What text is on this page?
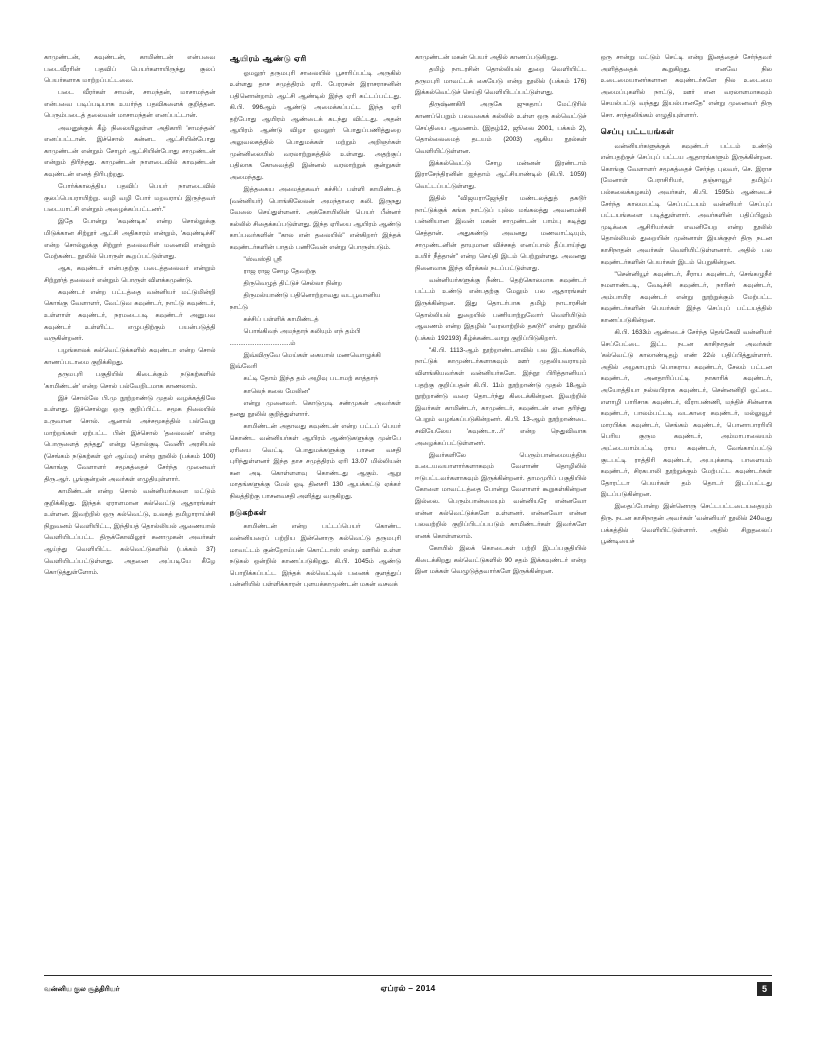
காமுண்டன், கவுண்டன், காமிண்டன் என்பவை படைவீரரின் பதவிப் பெயர்களாயிருந்து குலப் பெயர்களாக மாற்றப்பட்டவை.

படை வீரர்கள் சாமன், சாமந்தன், மாசாமந்தன் என்பவை படிப்படியாக உயர்ந்த பதவிகளைக் குறித்தன. பெரும்படைத் தலைவன் மாசாமந்தன் எனப்பட்டான்.

அவனுக்குக் கீழ் நிலையிலுள்ள அதிகாரி 'சாமந்தன்' எனப்பட்டான். இச்சொல் கன்னட ஆட்சியின்போது காமுண்டன் என்றும் சோழர் ஆட்சியின்போது சாமுண்டன் என்றும் திரிந்தது. காமுண்டன் நாளடைவில் காவுண்டன் கவுண்டன் எனத் திரிபுற்றது.

போர்க்காலத்திய பதவிப் பெயர் நாளடைவில் குலப்பெயராயிற்று. வழி வழி போர் மறவராய் இருந்தவர் படையாட்சி என்றும் அழைக்கப்பட்டனர்."

இதே போன்று 'கவுண்டிக' என்ற சொல்லுக்கு மிடுக்கான சிற்றூர் ஆட்சி அதிகாரம் என்றும், 'கவுண்டிச்சி' என்ற சொல்லுக்கு சிற்றூர் தலைவரின் மனைவி என்றும் மேற்கண்ட நூலில் பொருள் கூறப்பட்டுள்ளது.

ஆக, கவுண்டர் என்பதற்கு படைத்தலைவர் என்றும் சிற்றூர்த் தலைவர் என்றும் பொருள் விளக்கமுண்டு.

கவுண்டர் என்ற பட்டத்தை வன்னியர் மட்டுமின்றி கொங்கு வேளாளர், வேட்டுவ கவுண்டர், நாட்டு கவுண்டர், உள்ளாள் கவுண்டர், நரமடைபடி கவுண்டர் அனுபவ கவுண்டர் உள்ளிட்ட எழுபதிற்கும் பயன்படுத்தி வருகின்றனர்.

பழங்காலக் கல்வெட்டுக்களில் கவுண்டா என்ற சொல் காணப்படாமை குறிக்கிறது.

தருமபுரி பகுதியில் கிடைக்கும் நடுகற்களில் 'காமிண்டன்' என்ற சொல் பல்வேறிடமாக காணலாம்.

இச் சொல்லே பி.மு நூற்றாண்டு முதல் வழக்கத்திலே உள்ளது. இச்சொல்லு ஒரு குறிப்பிட்ட சமூக நிலையில் உருவான சொல். ஆனால் அச்சமூகத்தில் பல்வேறு மாற்றங்கள் ஏற்பட்ட பின் இச்சொல் 'தலைவன்' என்ற பொருளைத் தந்தது" என்று தொல்குடி வேனீர் அரசியல் (செங்கம் நடுகற்கள் ஓர் ஆய்வு) என்ற நூலில் (பக்கம் 100) கொங்கு வேளாளர் சமூகத்தைச் சேர்ந்த முனைவர் திரு.ஆர். பூங்குன்றன் அவர்கள் எழுதியுள்ளார்.

காமிண்டன் என்ற சொல் வன்னியர்களை மட்டும் குறிக்கிறது. இந்தக் ஏராளமான கல்வெட்டு ஆதாரங்கள் உள்ளன. இவற்றில் ஒரு கல்வெட்டு, உலகத் தமிழாராய்ச்சி நிறுவனம் வெளியிட்ட, இந்தியத் தொல்லியல் ஆணையால் வெளியிடப்பட்ட திருக்கோவிலூர் சுனாமுகன் அவர்கள் ஆய்ந்து வெளியிட்ட கல்வெட்டுகளில் (பக்கம் 37) வெளியிடப்பட்டுள்ளது. அதனை அப்படியே கீழே கொடுத்துள்ளோம்.

ஆயிரம் ஆண்டு ஏரி

ஓமலூர் தருமபுரி சாலையில் பூசாரிப்பட்டி அருகில் உள்ளது தாச சமுத்திரம் ஏரி. பேரரசன் இராசராசனின் பதினொன்றாம் ஆட்சி ஆண்டில் இந்த ஏரி கட்டப்பட்டது. கி.பி. 996ஆம் ஆண்டு அமைக்கப்பட்ட இந்த ஏரி தற்போது ஆயிரம் ஆண்டைக் கடந்து விட்டது. அதன் ஆயிரம் ஆண்டு விழா ஓமலூர் பொதுப்பணித்துறை அலுவலகத்தில் பொதுமக்கள் மற்றும் அறிஞர்கள் முன்னிலையில் வரலாற்றுகத்தில் உள்ளது. அதற்குப் பதிலாக கோவைத்தி இன்னல் வரலாற்றுக் குன்றுகள் அமைந்தது.

இத்தகைய அமைத்தகவர் கச்சிப் பள்ளி காமிண்டத் (வன்னியர்) பொங்கிலேலன் அமந்தாரை கலி. இருநது வேலை செய்துள்ளனர். அக்கோயிலின் பெயர் பீன்னர் கல்லில் சிதைக்கப்படுள்ளது. இந்த ஏரியை ஆயிரம் ஆண்டு காப்பவர்களின் "கால என் தலையில்" என்கிறார் இந்தக் கவுண்டர்களின் பாதம் பணிவேன் என்று பொருள்படும்.

"ஸ்வஸ்தி ஸ்ரீ

ராஜ ராஜ சோழ தேவற்கு

திருவெழுத் திட்டுச் செல்லா நின்ற

திருமல்யாண்டு பதினொற்றாவது வடபூவானிய நாட்டு

கச்சிப் பள்ளிக் காமிண்டத்

பொங்கிவந் அமந்தாந் கலியும் எந் தம்பி ..................................ம்

இவ்விருவே மெய்கள் கையால் மணவொழுக்கி இவ்வேரி

கட்டி தோம் இந்த தம் அழிவு படாமற் காத்தாந்

காலெந் கலை மேலின"

என்று முனைவர். கொடுமுடி சண்முகன் அவர்கள் தனது நூலில் குறித்துள்ளார்.

காமிண்டன் அதாவது கவுண்டன் என்ற பட்டப் பெயர் கொண்ட வன்னியர்கள் ஆயிரம் ஆண்டுகளுக்கு முன்பே ஏரியை வெட்டி பொதுமக்களுக்கு பாசன வசதி புரிந்துள்ளனர் இந்த தாச சமுத்திரம் ஏரி 13.07 மில்லியன் கன அடி கொள்ளளவு கொண்டது ஆகும். ஆறு மாதங்களுக்கு மேல் ஓடி தினசரி 130 ஆயக்கட்டு ஏக்கர் நிலத்திற்கு பாசனவசதி அளித்து வருகிறது.

நடுகற்கள்

காமிண்டன் என்ற பட்டப்பெயர் கொண்ட வன்னியரைப் பற்றிய இன்னொரு கல்வெட்டு தருமபுரி மாவட்டம் குன்றோய்பன் கொட்டாஸ் என்ற ஊரில் உள்ள நடுகல் ஒன்றில் காணப்படுகிறது. கி.பி. 1045ம் ஆண்டு பொறிக்கப்பட்ட இந்தக் கல்வெட்டில் பனைக் குளத்துப் பன்னியில் பள்ளிக்காரன் புளயக்காமுண்டன் மகன் வசவக்

காமுண்டன் மகன் பெயர் அதில் காணப்படுகிறது.

தமிழ் நாடரசின் தொல்லியல் துறை வெளியிட்ட தருமபுரி மாவட்டக் கையேடு என்ற நூலில் (பக்கம் 176) இக்கல்வெட்டுச் செய்தி வெளியிடப்பட்டுள்ளது.

திருஷ்ணகிரி அருகே ஜுகதாப் மேட்டூரில் காணப்பெறும் பலவகைக் கல்லில் உள்ள ஒரு கல்வெட்டுச் செய்தியை ஆவணம். (இதழ்12, ஜூலை 2001, பக்கம் 2), தொல்லைமைத் தடயம் (2003) ஆகிய நூல்கள் வெளியிட்டுள்ளன.

இக்கல்வெட்டு சோழ மன்னன் இரண்டாம் இராசேந்திரனின் ஐந்தாம் ஆட்சியாண்டில் (கி.பி. 1059) வெட்டப்பட்டுள்ளது.

இதில் "விஜயராஜேந்திர மண்டலத்துத் தகடூர் நாட்டுக்குக் கங்க நாட்டுப் புல்ல மங்கலத்து அவனமச்சி பன்னியான இவன் மகன் சாமுண்டன் பாம்பு கடித்து செத்தான். அதுகண்டு அவனது மணவாட்டியும், சாமுண்டனின் தாயுமான விச்சகத் எனப்பால் தீப்பாய்ந்து உயிர் நீத்தான்" என்ற செய்தி இடம் பெற்றுள்ளது. அவனது நினைவாக இந்த வீரக்கல் நடப்பட்டுள்ளது.

வன்னியர்களுக்கு நீண்ட தெற்கொலமாக கவுண்டர் பட்டம் உண்டு என்பதற்கு மேலும் பல ஆதாரங்கள் இருக்கின்றன. இது தொடர்பாக தமிழ் நாடாரசின் தொல்லியல் துறையில் பணியாற்றுவோர் வெளியிடும் ஆவணம் என்ற இதழில் "வரலாற்றில் தகடூர்" என்ற நூலில் (பக்கம் 192193) கீழ்க்கண்டவாறு குறிப்பிடுகிறார்.

"கி.பி. 1113-ஆம் நூற்றாண்டளவில் பல இடங்களில், நாட்டுக் காமுண்டர்களாகவும் ஊர் முதலியவராயும் விளங்கியவர்கள் வன்னியர்களே. இந்நூ பிரித்தானியப் பதற்கு குறிப்பதன் கி.பி. 11ம் நூற்றாண்டு முதல் 18ஆம் நூற்றாண்டு வரை தொடர்ந்து கிடைக்கின்றன. இவற்றில் இவர்கள் காமிண்டர், காமுண்டர், கவுண்டன் என தரிந்து பெறும் வழங்கப்படுகின்றனர். கி.பி. 13-ஆம் நூற்றாண்டை சவியேலேய 'கவுண்டா...ர்' என்ற நெதுவிவாக அழைக்கப்பட்டுள்ளனர்.

இவர்களிலே பெரும்பான்மையத்திய உடையவயாளார்களாகவும் வேளாண் தொழிலில் ஈடுபட்டவர்களாகவும் இருக்கின்றனர். தாமமுரிப் பகுதியில் கோளை மாவட்டத்தை போன்று வேளாளர் கூறுகள்கின்றன இல்லை. பெரும்பான்மையும் வன்னியரே என்னவோ என்ன கல்வெட்டுக்களே உள்ளனர். என்னவோ என்ன பலவற்றில் குறிப்பிடப்பபடும் காமிண்டர்கள் இவர்களே எனக் கொள்ளலாம்.

கோயில் இலக் கொடைகள் பற்றி இடப்பகுதியில் கிடைக்கிறது கல்வெட்டுகளில் 90 சதம் இக்கவுண்டர் என்ற இன மக்கள் வெழுடுத்தவார்களே இருக்கின்றன.

ஒரு சான்று மட்டும் செட்டி என்ற இனத்தைச் சேர்ந்தவர் அளித்ததைக் கூறுகிறது. எனவே நில உடைமையானர்களான கவுண்டர்களே நில உடைமை அமைப்புகளில் நாட்டு, ஊர் என வரலாளமாகவும் செயல்பட்டு வந்தது இயல்பானதே" என்று முனைவர் திரு சொ. சாந்தலிங்கம் எழுதியுள்ளார்.

செப்பு பட்டயங்கள்

வன்னியர்களுக்குக் கவுண்டர் பட்டம் உண்டு என்பதற்குச் செப்புப் பட்டய ஆதாரங்களும் இருக்கின்றன. கொங்கு வேளாளர் சமூகத்தைச் சேர்ந்த புலவர், செ. இராச (மேனாள் பேராசிரியர், தஞ்சாவூர் தமிழ்ப் பல்கலைக்கழகம்) அவர்கள், கி.பி. 1595ம் ஆண்டைச் சேர்ந்த காலமபட்டி செப்பட்டயம் வன்னியர் செப்புப் பட்டயங்களை படித்துள்ளார். அவர்களின் பதிப்பிலும் முடிக்கை ஆசிரியர்கள் எவனியேற என்ற நூலில் தொல்லியல் துறையின் முன்னாள் இயக்குநர் திரு நடன காசிநாதன் அவர்கள் வெளியிட்டுள்ளனார். அதில் பல கவுண்டர்களின் பெயர்கள் இடம் பெறுகின்றன.

"சென்னியூர் கவுண்டர், சீராய கவுண்டர், செங்கழுநீர் நமளாண்டடி, வேடிச்சி கவுண்டர், நாரிசர் கவுண்டர், அம்பாயிர கவுண்டர் என்று நூற்றுக்கும் மேற்பட்ட கவுண்டர்களின் பெயர்கள் இந்த செப்புப் பட்டயத்தில் காணப்படுகின்றன.

கி.பி. 1633ம் ஆண்டைச் சேர்ந்த தெங்கேவி வன்னியர் செப்பேட்டை இட்ட நடன காசிநாதன் அவர்கள் 'கல்வெட்டு காலாண்டிதழ் எண் 22ல் பதிப்பித்துள்ளார். அதில் அழகாபுரம் பொகராய கவுண்டர், சேலம் பட்டன கவுண்டர், அனதாரிப்பட்டி நாகாரிக் கவுண்டர், அயோத்தியா நல்லபிராக கவுண்டர், சென்னனிறி ஓட்டை எளாழி பாரிசாக கவுண்டர், வீராபண்ணி, மந்திச் சின்னாக கவுண்டர், பாலம்பட்டடி வடகாரை கவுண்டர், மல்லுவூர் மாரபிக்க கவுண்டர், செங்கம் கவுண்டர், பொனாபாரரியி பெரிய குரும கவுண்டர், அம்மாபாலையம் அட்டையாம்பட்டி ராய கவுண்டர், வேங்காய்பட்டு குடபட்டி ராத்திரி கவுண்டர், அபபுக்காடி பாளையம் கவுண்டர், சிரகபாலி நூற்றுக்கும் மேற்பட்ட கவுண்டர்கள் தோரட்டா பெயர்கள் தம் தொடர் இடப்பட்டது இடப்படுகின்றன.

இதைப்போன்ற இன்னொரு செட்டபட்டடையதையும் திரு. நடன காசிநாதன் அவர்கள் 'வன்னியர்' நூலில் 240வது பக்கத்தில் வெளியிட்டுள்ளார். அதில் சிறுதலைப் பூண்டியைச்

வன்னிய குல சூத்திரியர்	ஏப்ரல் – 2014	5
